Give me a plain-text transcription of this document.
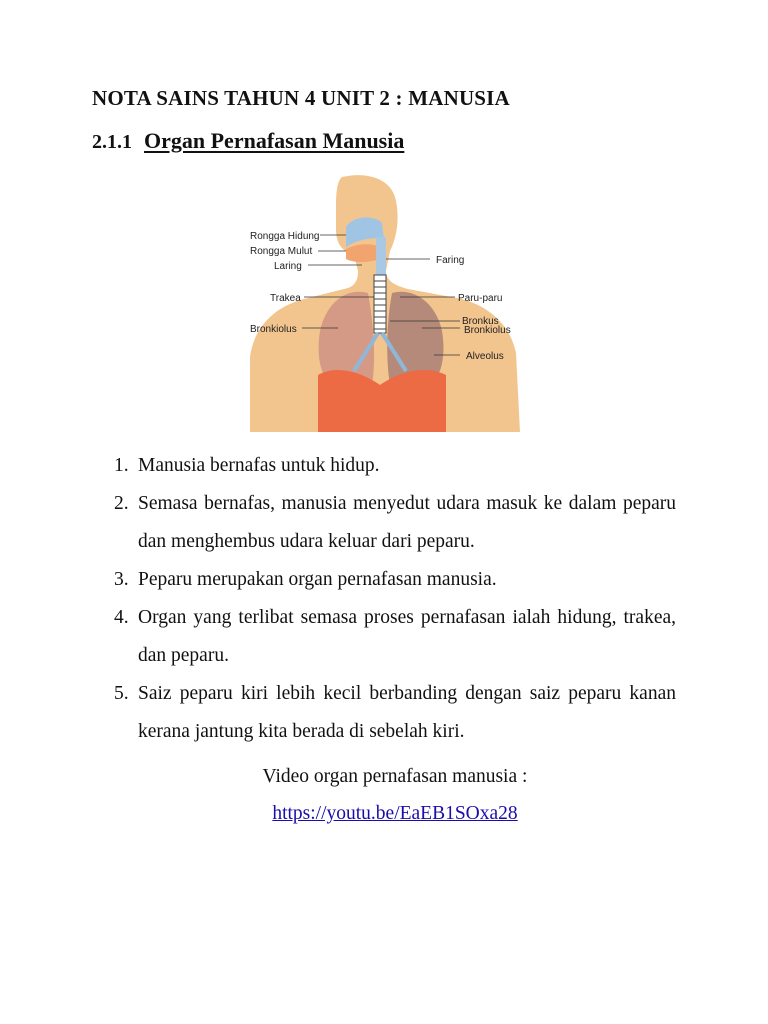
NOTA SAINS TAHUN 4 UNIT 2 : MANUSIA
2.1.1 Organ Pernafasan Manusia
Rongga Hidung
Rongga Mulut
Laring
Trakea
Bronkiolus
Faring
Paru-paru
Bronkus
Bronkiolus
Alveolus
1. Manusia bernafas untuk hidup.
2. Semasa bernafas, manusia menyedut udara masuk ke dalam peparu dan menghembus udara keluar dari peparu.
3. Peparu merupakan organ pernafasan manusia.
4. Organ yang terlibat semasa proses pernafasan ialah hidung, trakea, dan peparu.
5. Saiz peparu kiri lebih kecil berbanding dengan saiz peparu kanan kerana jantung kita berada di sebelah kiri.
Video organ pernafasan manusia :
https://youtu.be/EaEB1SOxa28
